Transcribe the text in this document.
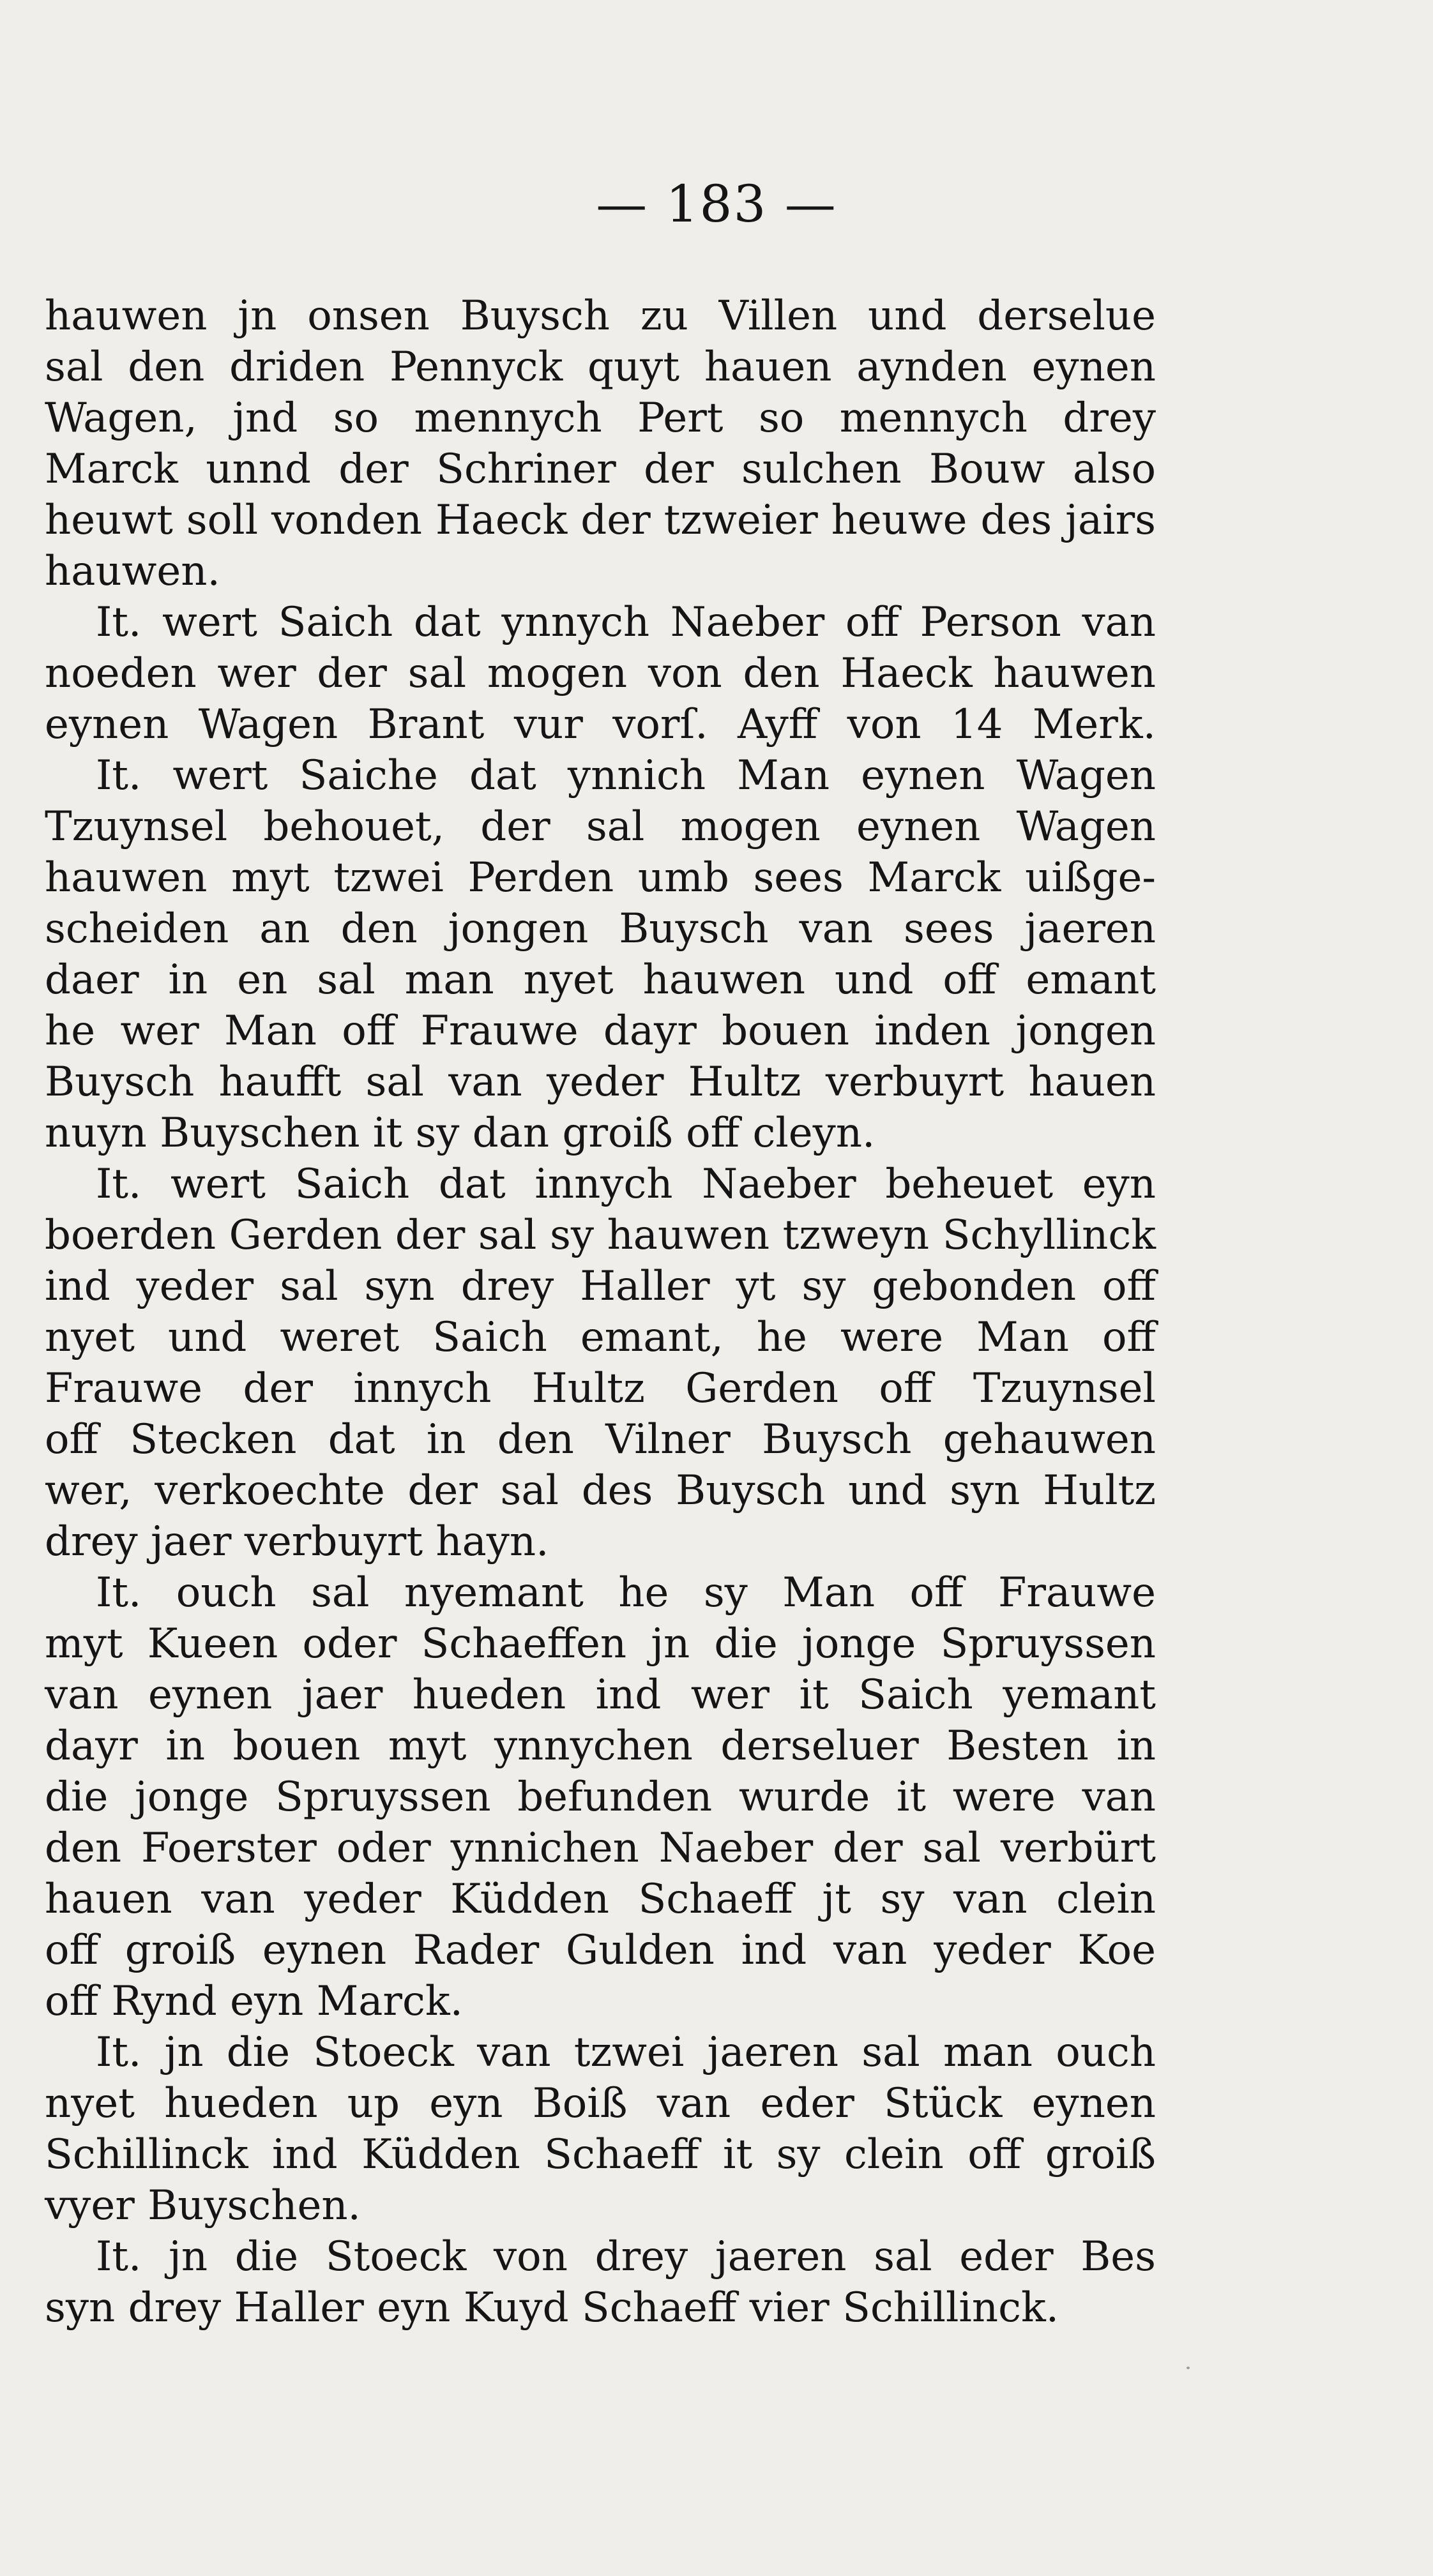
— 183 —
hauwen jn onsen Buysch zu Villen und derselue
sal den driden Pennyck quyt hauen aynden eynen
Wagen, jnd so mennych Pert so mennych drey
Marck unnd der Schriner der sulchen Bouw also
heuwt soll vonden Haeck der tzweier heuwe des jairs
hauwen.
It. wert Saich dat ynnych Naeber off Person van
noeden wer der sal mogen von den Haeck hauwen
eynen Wagen Brant vur vorſ. Ayff von 14 Merk.
It. wert Saiche dat ynnich Man eynen Wagen
Tzuynsel behouet, der sal mogen eynen Wagen
hauwen myt tzwei Perden umb sees Marck uißge-
scheiden an den jongen Buysch van sees jaeren
daer in en sal man nyet hauwen und off emant
he wer Man off Frauwe dayr bouen inden jongen
Buysch haufft sal van yeder Hultz verbuyrt hauen
nuyn Buyschen it sy dan groiß off cleyn.
It. wert Saich dat innych Naeber beheuet eyn
boerden Gerden der sal sy hauwen tzweyn Schyllinck
ind yeder sal syn drey Haller yt sy gebonden off
nyet und weret Saich emant, he were Man off
Frauwe der innych Hultz Gerden off Tzuynsel
off Stecken dat in den Vilner Buysch gehauwen
wer, verkoechte der sal des Buysch und syn Hultz
drey jaer verbuyrt hayn.
It. ouch sal nyemant he sy Man off Frauwe
myt Kueen oder Schaeffen jn die jonge Spruyssen
van eynen jaer hueden ind wer it Saich yemant
dayr in bouen myt ynnychen derseluer Besten in
die jonge Spruyssen befunden wurde it were van
den Foerster oder ynnichen Naeber der sal verbürt
hauen van yeder Küdden Schaeff jt sy van clein
off groiß eynen Rader Gulden ind van yeder Koe
off Rynd eyn Marck.
It. jn die Stoeck van tzwei jaeren sal man ouch
nyet hueden up eyn Boiß van eder Stück eynen
Schillinck ind Küdden Schaeff it sy clein off groiß
vyer Buyschen.
It. jn die Stoeck von drey jaeren sal eder Bes
syn drey Haller eyn Kuyd Schaeff vier Schillinck.
